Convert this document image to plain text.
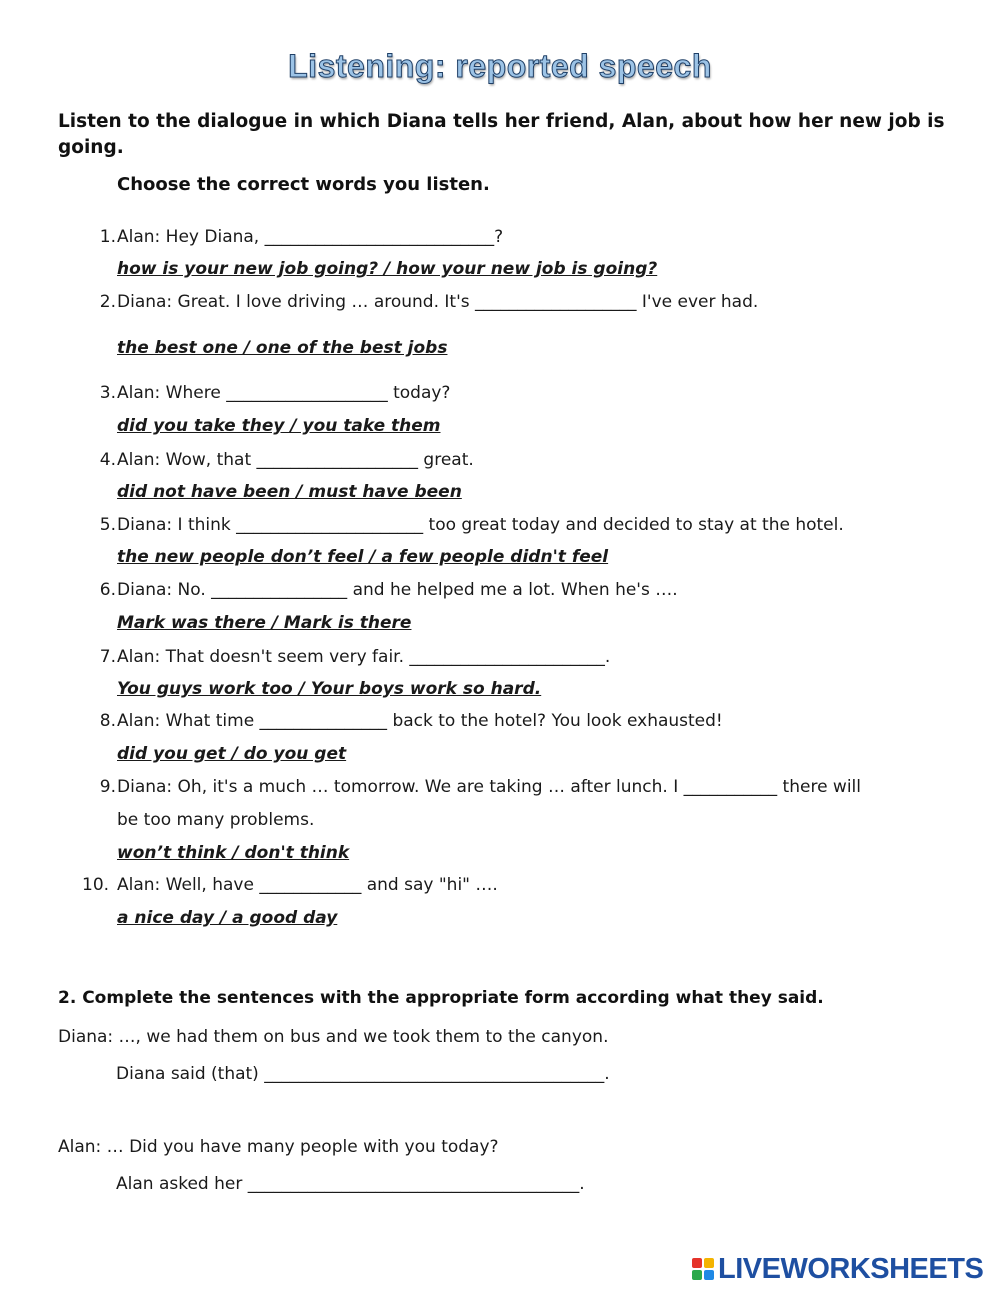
Listening: reported speech
Listen to the dialogue in which Diana tells her friend, Alan, about how her new job is going.
Choose the correct words you listen.
1. Alan: Hey Diana, ___________________________?
how is your new job going? / how your new job is going?
2. Diana: Great. I love driving … around. It's ___________________ I've ever had.
the best one / one of the best jobs
3. Alan: Where ___________________ today?
did you take they / you take them
4. Alan: Wow, that ___________________ great.
did not have been / must have been
5. Diana: I think ______________________ too great today and decided to stay at the hotel.
the new people don’t feel / a few people didn't feel
6. Diana: No. ________________ and he helped me a lot. When he's ….
Mark was there / Mark is there
7. Alan: That doesn't seem very fair. _______________________.
You guys work too / Your boys work so hard.
8. Alan: What time _______________ back to the hotel? You look exhausted!
did you get / do you get
9. Diana: Oh, it's a much … tomorrow. We are taking … after lunch. I ___________ there will
be too many problems.
won’t think / don't think
10. Alan: Well, have ____________ and say "hi" ….
a nice day / a good day
2. Complete the sentences with the appropriate form according what they said.
Diana: …, we had them on bus and we took them to the canyon.
Diana said (that) ________________________________________.
Alan: … Did you have many people with you today?
Alan asked her _______________________________________.
LIVEWORKSHEETS
